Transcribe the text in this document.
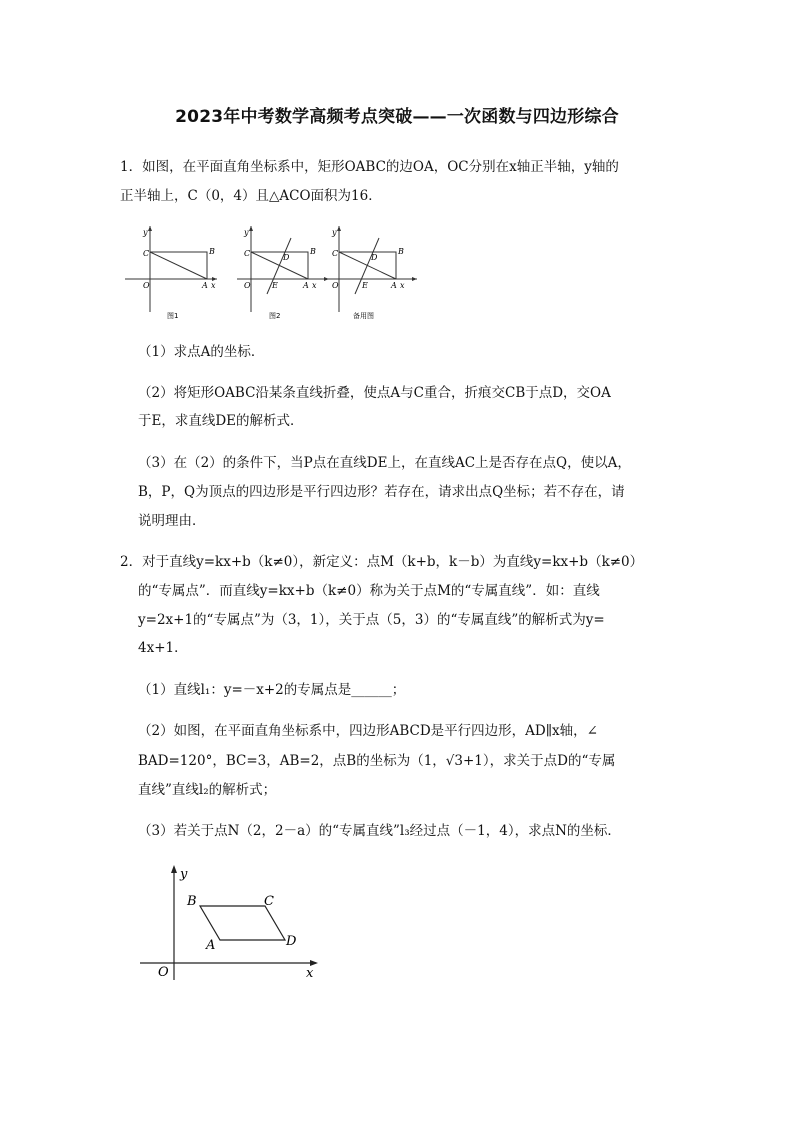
2023年中考数学高频考点突破——一次函数与四边形综合
1．如图，在平面直角坐标系中，矩形OABC的边OA，OC分别在x轴正半轴，y轴的
正半轴上，C（0，4）且△ACO面积为16．
y
x
O	A
B
C
图1
y
x
O	A
B
C	D
E
图2
y
x
O	A
B
C	D
E
备用图
（1）求点A的坐标．
（2）将矩形OABC沿某条直线折叠，使点A与C重合，折痕交CB于点D，交OA
于E，求直线DE的解析式．
（3）在（2）的条件下，当P点在直线DE上，在直线AC上是否存在点Q，使以A，
B，P，Q为顶点的四边形是平行四边形？若存在，请求出点Q坐标；若不存在，请
说明理由．
2．对于直线y=kx+b（k≠0），新定义：点M（k+b，k－b）为直线y=kx+b（k≠0）
的“专属点”．而直线y=kx+b（k≠0）称为关于点M的“专属直线”．如：直线
y=2x+1的“专属点”为（3，1），关于点（5，3）的“专属直线”的解析式为y=
4x+1．
（1）直线l₁：y=－x+2的专属点是______；
（2）如图，在平面直角坐标系中，四边形ABCD是平行四边形，AD∥x轴，∠
BAD=120°，BC=3，AB=2，点B的坐标为（1，√3+1），求关于点D的“专属
直线”直线l₂的解析式；
（3）若关于点N（2，2－a）的“专属直线”l₃经过点（－1，4），求点N的坐标．
y
x
O
A
B	C
D
